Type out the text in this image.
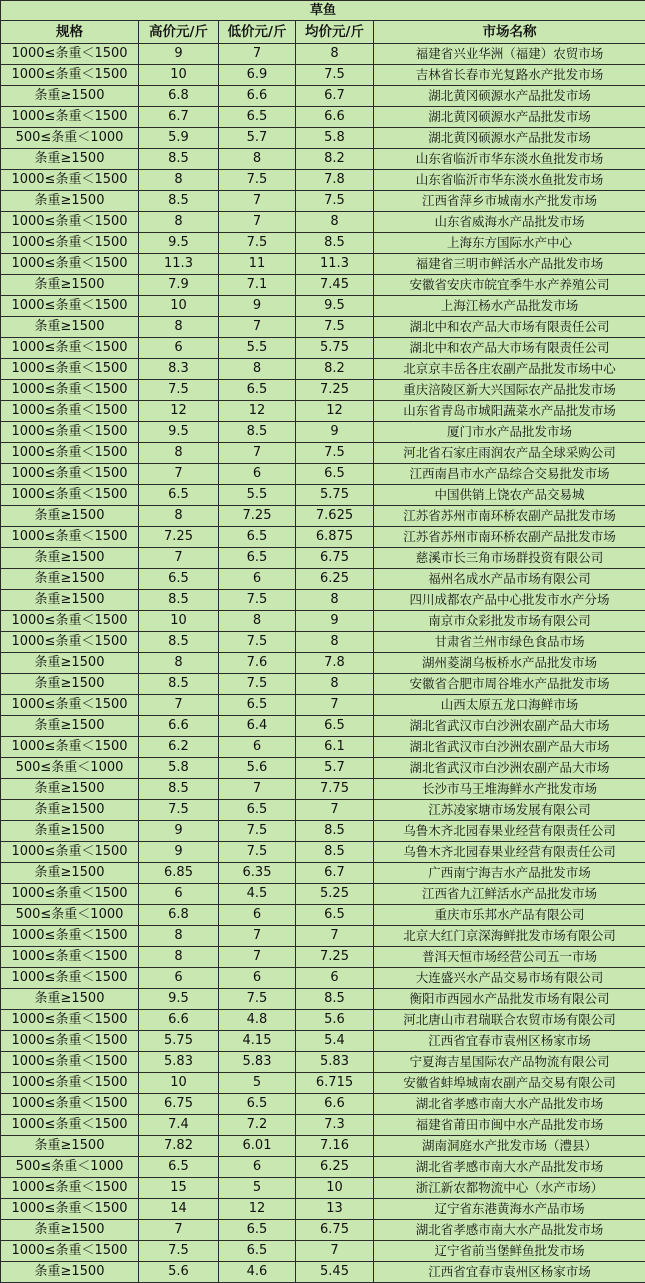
草鱼				
规格	高价元/斤	低价元/斤	均价元/斤	市场名称
1000≤条重＜1500	9	7	8	福建省兴业华洲（福建）农贸市场
1000≤条重＜1500	10	6.9	7.5	吉林省长春市光复路水产批发市场
条重≥1500	6.8	6.6	6.7	湖北黄冈硕源水产品批发市场
1000≤条重＜1500	6.7	6.5	6.6	湖北黄冈硕源水产品批发市场
500≤条重＜1000	5.9	5.7	5.8	湖北黄冈硕源水产品批发市场
条重≥1500	8.5	8	8.2	山东省临沂市华东淡水鱼批发市场
1000≤条重＜1500	8	7.5	7.8	山东省临沂市华东淡水鱼批发市场
条重≥1500	8.5	7	7.5	江西省萍乡市城南水产批发市场
1000≤条重＜1500	8	7	8	山东省威海水产品批发市场
1000≤条重＜1500	9.5	7.5	8.5	上海东方国际水产中心
1000≤条重＜1500	11.3	11	11.3	福建省三明市鲜活水产品批发市场
条重≥1500	7.9	7.1	7.45	安徽省安庆市皖宜季牛水产养殖公司
1000≤条重＜1500	10	9	9.5	上海江杨水产品批发市场
条重≥1500	8	7	7.5	湖北中和农产品大市场有限责任公司
1000≤条重＜1500	6	5.5	5.75	湖北中和农产品大市场有限责任公司
1000≤条重＜1500	8.3	8	8.2	北京京丰岳各庄农副产品批发市场中心
1000≤条重＜1500	7.5	6.5	7.25	重庆涪陵区新大兴国际农产品批发市场
1000≤条重＜1500	12	12	12	山东省青岛市城阳蔬菜水产品批发市场
1000≤条重＜1500	9.5	8.5	9	厦门市水产品批发市场
1000≤条重＜1500	8	7	7.5	河北省石家庄雨润农产品全球采购公司
1000≤条重＜1500	7	6	6.5	江西南昌市水产品综合交易批发市场
1000≤条重＜1500	6.5	5.5	5.75	中国供销上饶农产品交易城
条重≥1500	8	7.25	7.625	江苏省苏州市南环桥农副产品批发市场
1000≤条重＜1500	7.25	6.5	6.875	江苏省苏州市南环桥农副产品批发市场
条重≥1500	7	6.5	6.75	慈溪市长三角市场群投资有限公司
条重≥1500	6.5	6	6.25	福州名成水产品市场有限公司
条重≥1500	8.5	7.5	8	四川成都农产品中心批发市水产分场
1000≤条重＜1500	10	8	9	南京市众彩批发市场有限公司
1000≤条重＜1500	8.5	7.5	8	甘肃省兰州市绿色食品市场
条重≥1500	8	7.6	7.8	湖州菱湖乌板桥水产品批发市场
条重≥1500	8.5	7.5	8	安徽省合肥市周谷堆水产品批发市场
1000≤条重＜1500	7	6.5	7	山西太原五龙口海鲜市场
条重≥1500	6.6	6.4	6.5	湖北省武汉市白沙洲农副产品大市场
1000≤条重＜1500	6.2	6	6.1	湖北省武汉市白沙洲农副产品大市场
500≤条重＜1000	5.8	5.6	5.7	湖北省武汉市白沙洲农副产品大市场
条重≥1500	8.5	7	7.75	长沙市马王堆海鲜水产批发市场
条重≥1500	7.5	6.5	7	江苏凌家塘市场发展有限公司
条重≥1500	9	7.5	8.5	乌鲁木齐北园春果业经营有限责任公司
1000≤条重＜1500	9	7.5	8.5	乌鲁木齐北园春果业经营有限责任公司
条重≥1500	6.85	6.35	6.7	广西南宁海吉水产品批发市场
1000≤条重＜1500	6	4.5	5.25	江西省九江鲜活水产品批发市场
500≤条重＜1000	6.8	6	6.5	重庆市乐邦水产品有限公司
1000≤条重＜1500	8	7	7	北京大红门京深海鲜批发市场有限公司
1000≤条重＜1500	8	7	7.25	普洱天恒市场经营公司五一市场
1000≤条重＜1500	6	6	6	大连盛兴水产品交易市场有限公司
条重≥1500	9.5	7.5	8.5	衡阳市西园水产品批发市场有限公司
1000≤条重＜1500	6.6	4.8	5.6	河北唐山市君瑞联合农贸市场有限公司
1000≤条重＜1500	5.75	4.15	5.4	江西省宜春市袁州区杨家市场
1000≤条重＜1500	5.83	5.83	5.83	宁夏海吉星国际农产品物流有限公司
1000≤条重＜1500	10	5	6.715	安徽省蚌埠城南农副产品交易有限公司
1000≤条重＜1500	6.75	6.5	6.6	湖北省孝感市南大水产品批发市场
1000≤条重＜1500	7.4	7.2	7.3	福建省莆田市闽中水产品批发市场
条重≥1500	7.82	6.01	7.16	湖南洞庭水产批发市场（澧县）
500≤条重＜1000	6.5	6	6.25	湖北省孝感市南大水产品批发市场
1000≤条重＜1500	15	5	10	浙江新农都物流中心（水产市场）
1000≤条重＜1500	14	12	13	辽宁省东港黄海水产品市场
条重≥1500	7	6.5	6.75	湖北省孝感市南大水产品批发市场
1000≤条重＜1500	7.5	6.5	7	辽宁省前当堡鲜鱼批发市场
条重≥1500	5.6	4.6	5.45	江西省宜春市袁州区杨家市场
